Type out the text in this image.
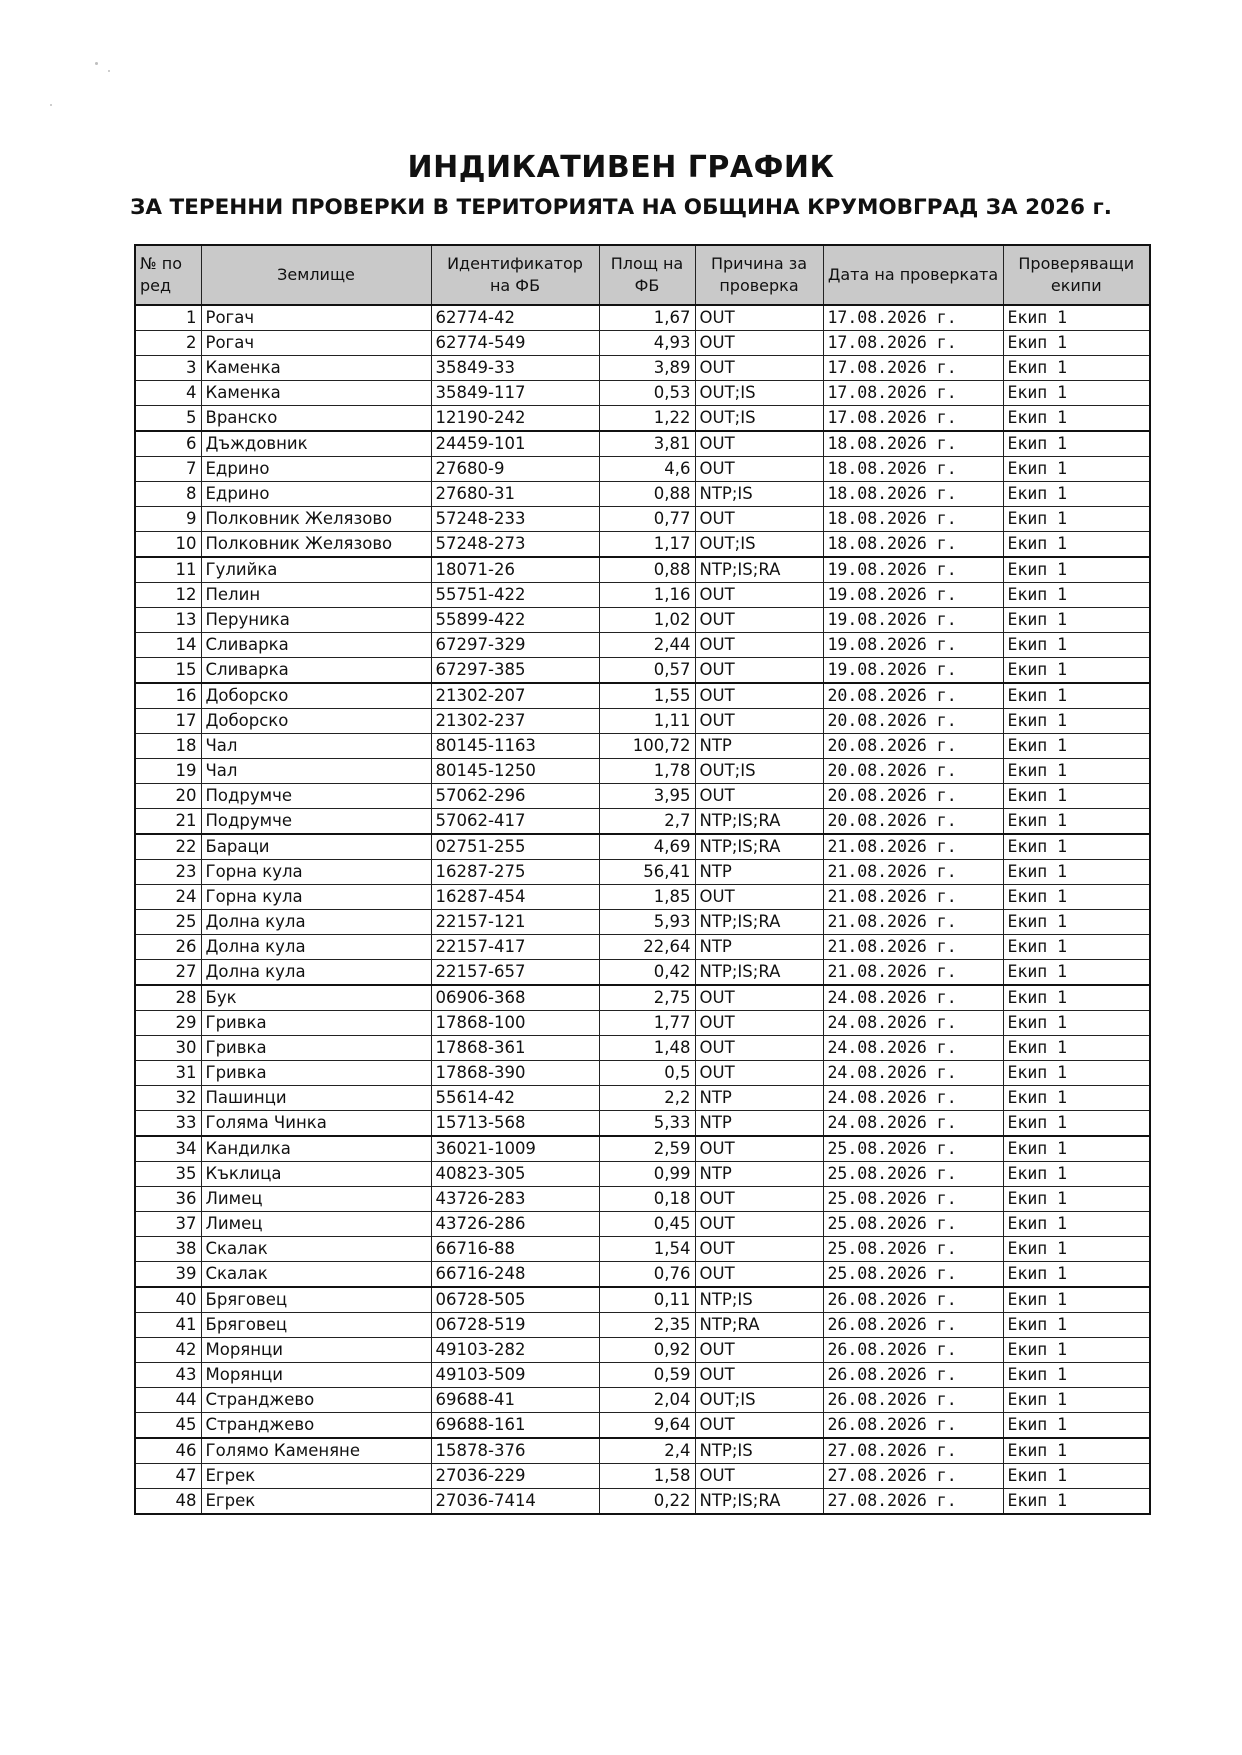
ИНДИКАТИВЕН ГРАФИК
ЗА ТЕРЕННИ ПРОВЕРКИ В ТЕРИТОРИЯТА НА ОБЩИНА КРУМОВГРАД ЗА 2026 г.
№ по ред	Землище	Идентификатор на ФБ	Площ на ФБ	Причина за проверка	Дата на проверката	Проверяващи екипи
1	Рогач	62774-42	1,67	OUT	17.08.2026 г.	Екип 1
2	Рогач	62774-549	4,93	OUT	17.08.2026 г.	Екип 1
3	Каменка	35849-33	3,89	OUT	17.08.2026 г.	Екип 1
4	Каменка	35849-117	0,53	OUT;IS	17.08.2026 г.	Екип 1
5	Вранско	12190-242	1,22	OUT;IS	17.08.2026 г.	Екип 1
6	Дъждовник	24459-101	3,81	OUT	18.08.2026 г.	Екип 1
7	Едрино	27680-9	4,6	OUT	18.08.2026 г.	Екип 1
8	Едрино	27680-31	0,88	NTP;IS	18.08.2026 г.	Екип 1
9	Полковник Желязово	57248-233	0,77	OUT	18.08.2026 г.	Екип 1
10	Полковник Желязово	57248-273	1,17	OUT;IS	18.08.2026 г.	Екип 1
11	Гулийка	18071-26	0,88	NTP;IS;RA	19.08.2026 г.	Екип 1
12	Пелин	55751-422	1,16	OUT	19.08.2026 г.	Екип 1
13	Перуника	55899-422	1,02	OUT	19.08.2026 г.	Екип 1
14	Сливарка	67297-329	2,44	OUT	19.08.2026 г.	Екип 1
15	Сливарка	67297-385	0,57	OUT	19.08.2026 г.	Екип 1
16	Доборско	21302-207	1,55	OUT	20.08.2026 г.	Екип 1
17	Доборско	21302-237	1,11	OUT	20.08.2026 г.	Екип 1
18	Чал	80145-1163	100,72	NTP	20.08.2026 г.	Екип 1
19	Чал	80145-1250	1,78	OUT;IS	20.08.2026 г.	Екип 1
20	Подрумче	57062-296	3,95	OUT	20.08.2026 г.	Екип 1
21	Подрумче	57062-417	2,7	NTP;IS;RA	20.08.2026 г.	Екип 1
22	Бараци	02751-255	4,69	NTP;IS;RA	21.08.2026 г.	Екип 1
23	Горна кула	16287-275	56,41	NTP	21.08.2026 г.	Екип 1
24	Горна кула	16287-454	1,85	OUT	21.08.2026 г.	Екип 1
25	Долна кула	22157-121	5,93	NTP;IS;RA	21.08.2026 г.	Екип 1
26	Долна кула	22157-417	22,64	NTP	21.08.2026 г.	Екип 1
27	Долна кула	22157-657	0,42	NTP;IS;RA	21.08.2026 г.	Екип 1
28	Бук	06906-368	2,75	OUT	24.08.2026 г.	Екип 1
29	Гривка	17868-100	1,77	OUT	24.08.2026 г.	Екип 1
30	Гривка	17868-361	1,48	OUT	24.08.2026 г.	Екип 1
31	Гривка	17868-390	0,5	OUT	24.08.2026 г.	Екип 1
32	Пашинци	55614-42	2,2	NTP	24.08.2026 г.	Екип 1
33	Голяма Чинка	15713-568	5,33	NTP	24.08.2026 г.	Екип 1
34	Кандилка	36021-1009	2,59	OUT	25.08.2026 г.	Екип 1
35	Къклица	40823-305	0,99	NTP	25.08.2026 г.	Екип 1
36	Лимец	43726-283	0,18	OUT	25.08.2026 г.	Екип 1
37	Лимец	43726-286	0,45	OUT	25.08.2026 г.	Екип 1
38	Скалак	66716-88	1,54	OUT	25.08.2026 г.	Екип 1
39	Скалак	66716-248	0,76	OUT	25.08.2026 г.	Екип 1
40	Бряговец	06728-505	0,11	NTP;IS	26.08.2026 г.	Екип 1
41	Бряговец	06728-519	2,35	NTP;RA	26.08.2026 г.	Екип 1
42	Морянци	49103-282	0,92	OUT	26.08.2026 г.	Екип 1
43	Морянци	49103-509	0,59	OUT	26.08.2026 г.	Екип 1
44	Странджево	69688-41	2,04	OUT;IS	26.08.2026 г.	Екип 1
45	Странджево	69688-161	9,64	OUT	26.08.2026 г.	Екип 1
46	Голямо Каменяне	15878-376	2,4	NTP;IS	27.08.2026 г.	Екип 1
47	Егрек	27036-229	1,58	OUT	27.08.2026 г.	Екип 1
48	Егрек	27036-7414	0,22	NTP;IS;RA	27.08.2026 г.	Екип 1
